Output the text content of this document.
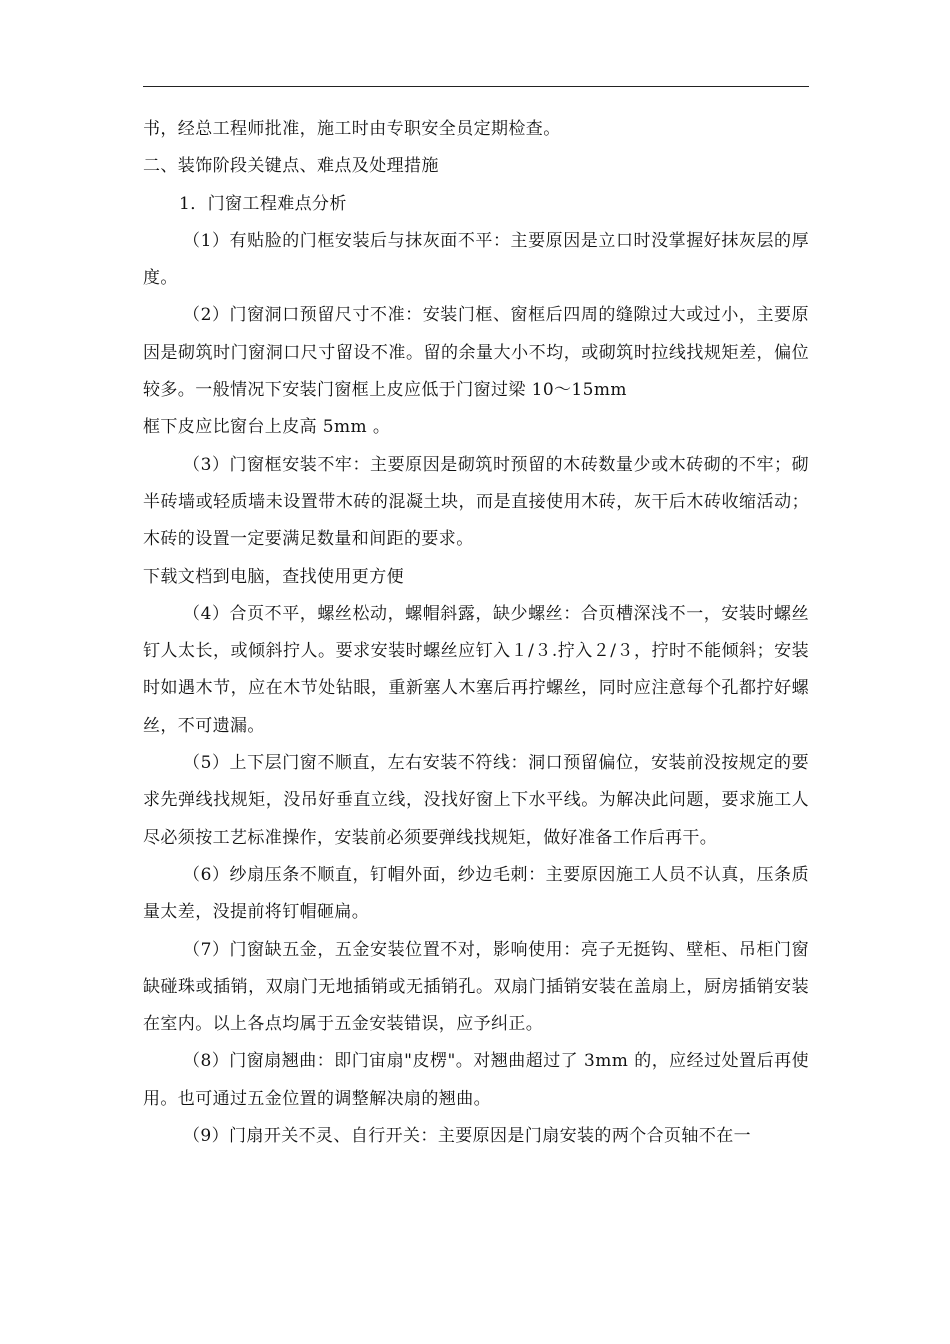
书，经总工程师批准，施工时由专职安全员定期检查。

二、装饰阶段关键点、难点及处理措施

1．门窗工程难点分析

（1）有贴脸的门框安装后与抹灰面不平：主要原因是立口时没掌握好抹灰层的厚度。

（2）门窗洞口预留尺寸不准：安装门框、窗框后四周的缝隙过大或过小，主要原因是砌筑时门窗洞口尺寸留设不准。留的余量大小不均，或砌筑时拉线找规矩差，偏位较多。一般情况下安装门窗框上皮应低于门窗过梁 10～15mm
框下皮应比窗台上皮高 5mm 。

（3）门窗框安装不牢：主要原因是砌筑时预留的木砖数量少或木砖砌的不牢；砌半砖墙或轻质墙未设置带木砖的混凝土块，而是直接使用木砖，灰干后木砖收缩活动；木砖的设置一定要满足数量和间距的要求。

下载文档到电脑，查找使用更方便

（4）合页不平，螺丝松动，螺帽斜露，缺少螺丝：合页槽深浅不一，安装时螺丝钉人太长，或倾斜拧人。要求安装时螺丝应钉入１/３.拧入２/３，拧时不能倾斜；安装时如遇木节，应在木节处钻眼，重新塞人木塞后再拧螺丝，同时应注意每个孔都拧好螺丝，不可遗漏。

（5）上下层门窗不顺直，左右安装不符线：洞口预留偏位，安装前没按规定的要求先弹线找规矩，没吊好垂直立线，没找好窗上下水平线。为解决此问题，要求施工人尽必须按工艺标准操作，安装前必须要弹线找规矩，做好准备工作后再干。

（6）纱扇压条不顺直，钉帽外面，纱边毛刺：主要原因施工人员不认真，压条质量太差，没提前将钉帽砸扁。

（7）门窗缺五金，五金安装位置不对，影响使用：亮子无挺钩、壁柜、吊柜门窗缺碰珠或插销，双扇门无地插销或无插销孔。双扇门插销安装在盖扇上，厨房插销安装在室内。以上各点均属于五金安装错误，应予纠正。

（8）门窗扇翘曲：即门宙扇"皮楞"。对翘曲超过了 3mm 的，应经过处置后再使用。也可通过五金位置的调整解决扇的翘曲。

（9）门扇开关不灵、自行开关：主要原因是门扇安装的两个合页轴不在一
